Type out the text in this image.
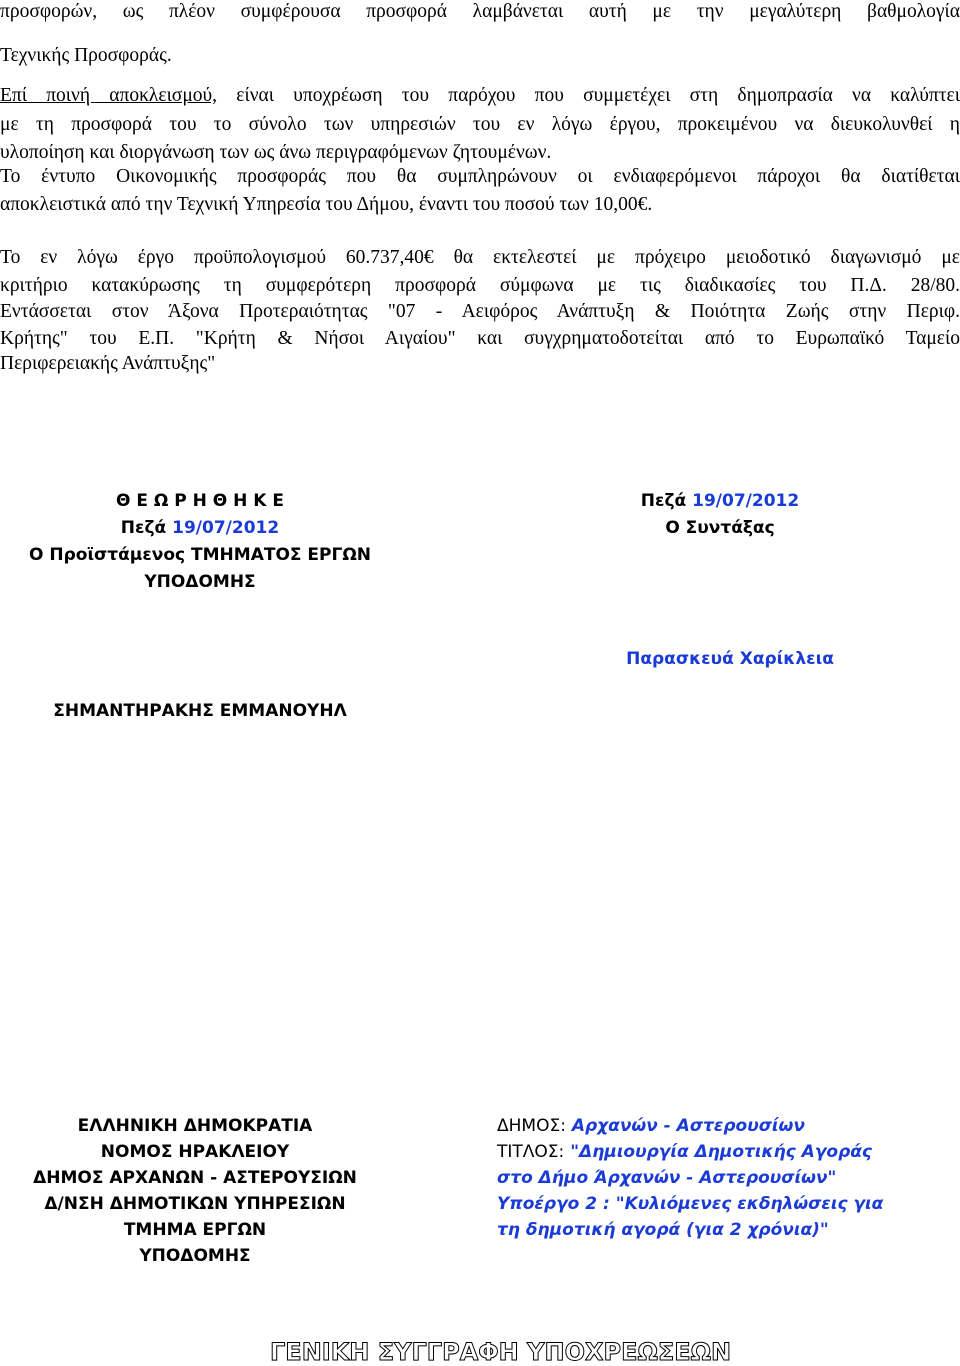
προσφορών, ως πλέον συμφέρουσα προσφορά λαμβάνεται αυτή με την μεγαλύτερη βαθμολογία
Τεχνικής Προσφοράς.
Επί ποινή αποκλεισμού, είναι υποχρέωση του παρόχου που συμμετέχει στη δημοπρασία να καλύπτει
με τη προσφορά του το σύνολο των υπηρεσιών του εν λόγω έργου, προκειμένου να διευκολυνθεί η
υλοποίηση και διοργάνωση των ως άνω περιγραφόμενων ζητουμένων.
Το έντυπο Οικονομικής προσφοράς που θα συμπληρώνουν οι ενδιαφερόμενοι πάροχοι θα διατίθεται
αποκλειστικά από την Τεχνική Υπηρεσία του Δήμου, έναντι του ποσού των 10,00€.
Το εν λόγω έργο προϋπολογισμού 60.737,40€ θα εκτελεστεί με πρόχειρο μειοδοτικό διαγωνισμό με
κριτήριο κατακύρωσης τη συμφερότερη προσφορά σύμφωνα με τις διαδικασίες του Π.Δ. 28/80.
Εντάσσεται στον Άξονα Προτεραιότητας "07 - Αειφόρος Ανάπτυξη & Ποιότητα Ζωής στην Περιφ.
Κρήτης" του Ε.Π. "Κρήτη & Νήσοι Αιγαίου" και συγχρηματοδοτείται από το Ευρωπαϊκό Ταμείο
Περιφερειακής Ανάπτυξης"
Θ Ε Ω Ρ Η Θ Η Κ Ε
Πεζά 19/07/2012
Ο Προϊστάμενος ΤΜΗΜΑΤΟΣ ΕΡΓΩΝ
ΥΠΟΔΟΜΗΣ
ΣΗΜΑΝΤΗΡΑΚΗΣ ΕΜΜΑΝΟΥΗΛ
Πεζά 19/07/2012
Ο Συντάξας
Παρασκευά Χαρίκλεια
ΕΛΛΗΝΙΚΗ ΔΗΜΟΚΡΑΤΙΑ
ΝΟΜΟΣ ΗΡΑΚΛΕΙΟΥ
ΔΗΜΟΣ ΑΡΧΑΝΩΝ - ΑΣΤΕΡΟΥΣΙΩΝ
Δ/ΝΣΗ ΔΗΜΟΤΙΚΩΝ ΥΠΗΡΕΣΙΩΝ
ΤΜΗΜΑ ΕΡΓΩΝ
ΥΠΟΔΟΜΗΣ
ΔΗΜΟΣ: Αρχανών - Αστερουσίων
ΤΙΤΛΟΣ: "Δημιουργία Δημοτικής Αγοράς
στο Δήμο Άρχανών - Αστερουσίων"
Υποέργο 2 : "Κυλιόμενες εκδηλώσεις για
τη δημοτική αγορά (για 2 χρόνια)"
ΓΕΝΙΚΗ ΣΥΓΓΡΑΦΗ ΥΠΟΧΡΕΩΣΕΩΝ
